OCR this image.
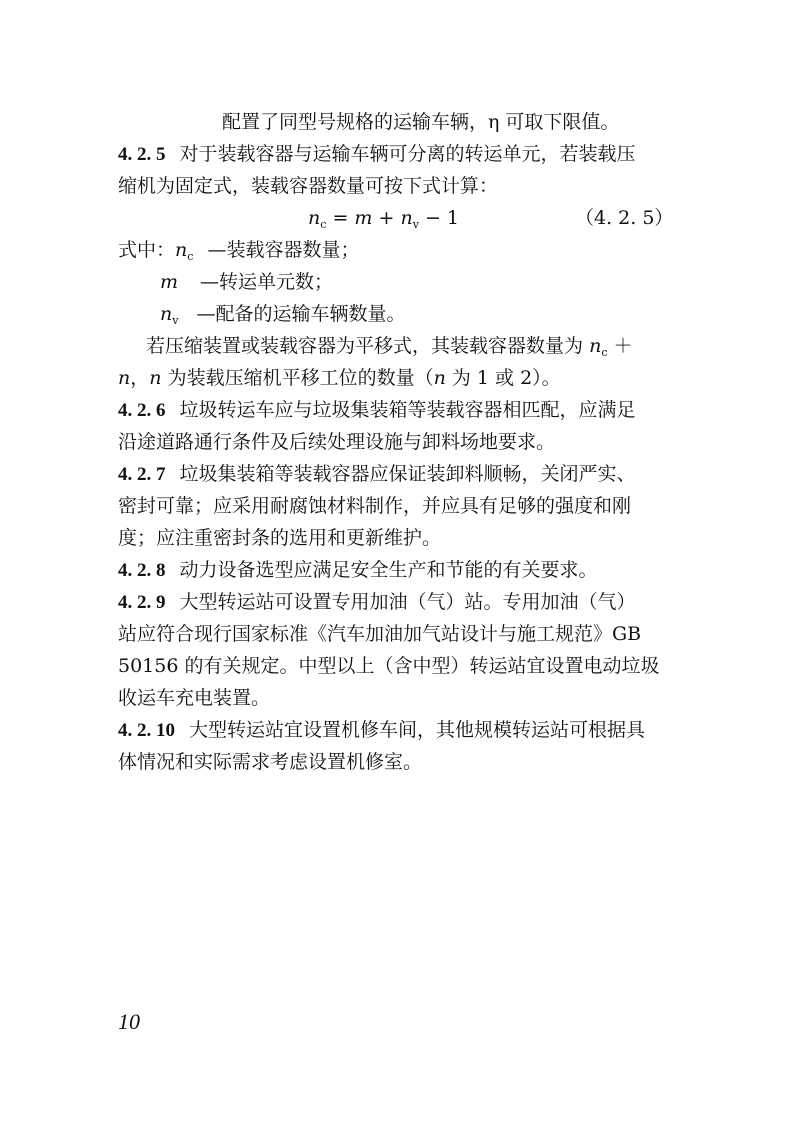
配置了同型号规格的运输车辆，η 可取下限值。
4. 2. 5 对于装载容器与运输车辆可分离的转运单元，若装载压
缩机为固定式，装载容器数量可按下式计算：
$n_c = m + n_v - 1$	（4. 2. 5）
式中：$n_c$ —装载容器数量；
m —转运单元数；
$n_v$ —配备的运输车辆数量。
若压缩装置或装载容器为平移式，其装载容器数量为 $n_c$ ＋
n，n 为装载压缩机平移工位的数量（n 为 1 或 2）。
4. 2. 6 垃圾转运车应与垃圾集装箱等装载容器相匹配，应满足
沿途道路通行条件及后续处理设施与卸料场地要求。
4. 2. 7 垃圾集装箱等装载容器应保证装卸料顺畅，关闭严实、
密封可靠；应采用耐腐蚀材料制作，并应具有足够的强度和刚
度；应注重密封条的选用和更新维护。
4. 2. 8 动力设备选型应满足安全生产和节能的有关要求。
4. 2. 9 大型转运站可设置专用加油（气）站。专用加油（气）
站应符合现行国家标准《汽车加油加气站设计与施工规范》GB
50156 的有关规定。中型以上（含中型）转运站宜设置电动垃圾
收运车充电装置。
4. 2. 10 大型转运站宜设置机修车间，其他规模转运站可根据具
体情况和实际需求考虑设置机修室。
10
